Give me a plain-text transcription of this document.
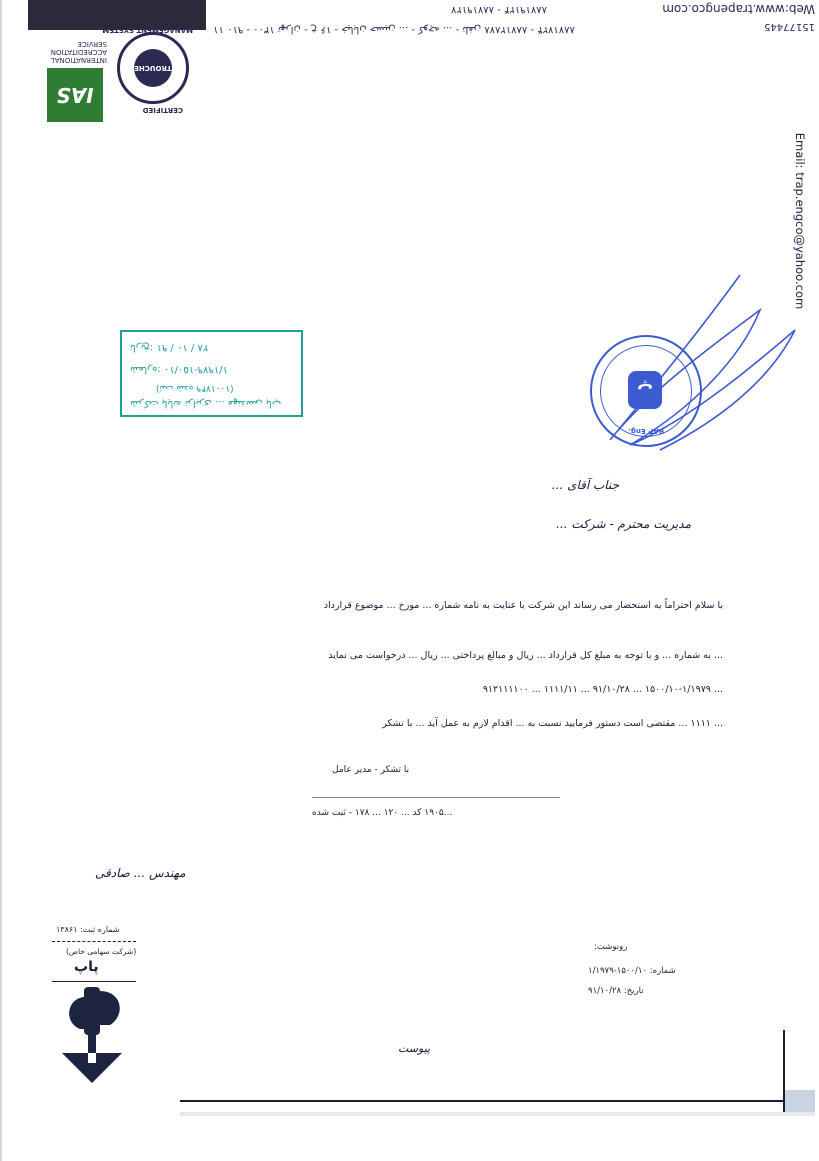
Web:www.trapengco.com
15177445
۱۱ ۹۱۰ - ۱۳۰۰ تهران - خ ۱۶ - خیابان حسین ... - کوچه ... - تلفن ۸۸۷۱۲۸۷۸ - ۸۸۷۱۷۲۴
۸۸۷۱۹۱۲۴ - ۸۸۷۱۹۱۲۷
IAS
INTERNATIONAL
ACCREDITATION
SERVICE
STROUCHEF
CERTIFIED
MANAGEMENT SYSTEM
Email: trap.engco@yahoo.com
شرکت پایانه ترابری ... مهندسی پاپ
(ثبت شده ۱۰۰۱۷۴۹)
شماره: ۱۵۰/۱۰-۱/۱۹۷۹
تاریخ: ۹۱ / ۱۰ / ۲۸
RAP Eng.
پ
جناب آقای ...
مدیریت محترم - شرکت ...
با سلام احتراماً به استحضار می رساند این شرکت با عنایت به نامه شماره ... مورخ ... موضوع قرارداد
... به شماره ... و با توجه به مبلغ کل قرارداد ... ریال و مبالغ پرداختی ... ریال ... درخواست می نماید
... ۱۵۰۰/۱۰-۱/۱۹۷۹ ... ۹۱/۱۰/۲۸ ... ۱۱۱۱/۱۱ ... ۹۱۲۱۱۱۱۰۰
... ۱۱۱۱ ... مقتضی است دستور فرمایید نسبت به ... اقدام لازم به عمل آید ... با تشکر
با تشکر - مدیر عامل
...۱۹۰۵ کد ... ۱۲۰ ... ۱۷۸ - ثبت شده
مهندس ... صادقی
شماره ثبت: ۱۳۸۶۱
(شرکت سهامی خاص)
پاپ
رونوشت:
شماره: ۱۵۰۰/۱۰-۱/۱۹۷۹
تاریخ: ۹۱/۱۰/۲۸
پیوست
